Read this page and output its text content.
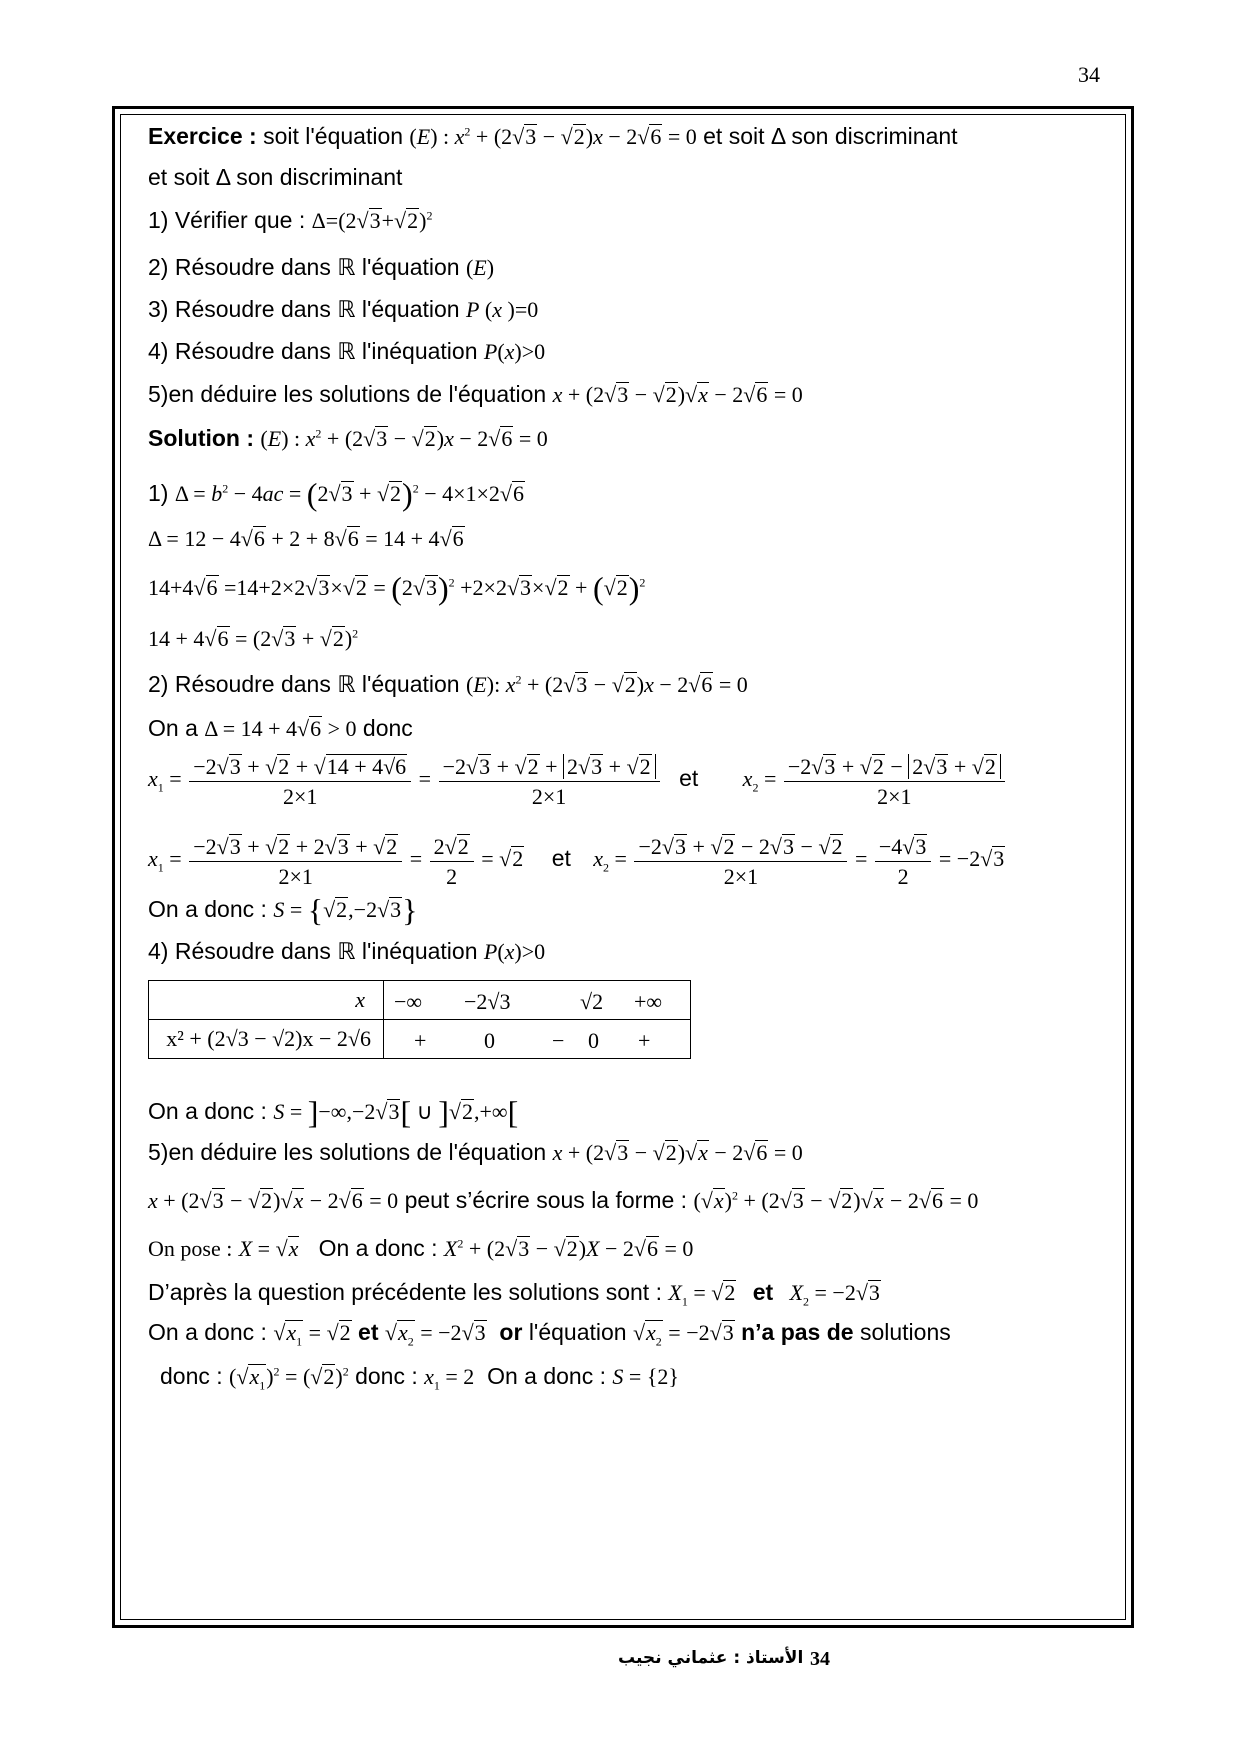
34
Exercice : soit l'équation (E) : $x^2 + (2√3 - √2)x - 2√6 = 0$ et soit Δ son discriminant
et soit Δ son discriminant
1) Vérifier que : $\Delta=(2√3+√2)^2$
2) Résoudre dans ℝ l'équation (E)
3) Résoudre dans ℝ l'équation P (x )=0
4) Résoudre dans ℝ l'inéquation P(x)>0
5)en déduire les solutions de l'équation x + (2√3 − √2)√x − 2√6 = 0
Solution : (E) : $x^2 + (2√3 - √2)x - 2√6 = 0$
1) $\Delta = b^2 - 4ac = (2√3 + √2)^2 - 4\times 1\times 2√6$
Δ = 12 − 4√6 + 2 + 8√6 = 14 + 4√6
$14+4√6 =14+2\times 2√3\times√2 = (2√3)^2 +2\times 2√3\times√2 + (√2)^2$
$14 + 4√6 = (2√3 + √2)^2$
2) Résoudre dans ℝ l'équation (E): $x^2 + (2√3 - √2)x - 2√6 = 0$
On a Δ = 14 + 4√6 > 0 donc
$x_1 = \frac{-2√3 + √2 + √14 + 4√6}{2\times 1} = \frac{-2√3 + √2 + 2√3 + √2}{2\times 1}$ et $x_2 = \frac{-2√3 + √2 - 2√3 + √2}{2\times 1}$
$x_1 = \frac{-2√3 + √2 + 2√3 + √2}{2\times 1} = \frac{2√2}{2} = √2$ et $x_2 = \frac{-2√3 + √2 - 2√3 - √2}{2\times 1} = \frac{-4√3}{2} = -2√3$
On a donc : S = {√2,−2√3}
4) Résoudre dans ℝ l'inéquation P(x)>0
x	−∞ −2√3 √2 +∞

x² + (2√3 − √2)x − 2√6	+ 0 − 0 +
On a donc : S = ]−∞,−2√3[ ∪ ]√2,+∞[
5)en déduire les solutions de l'équation x + (2√3 − √2)√x − 2√6 = 0
x + (2√3 − √2)√x − 2√6 = 0 peut s’écrire sous la forme : $(√x)^2 + (2√3 - √2)√x - 2√6 = 0$
On pose : X = √x On a donc : $X^2 + (2√3 - √2)X - 2√6 = 0$
D’après la question précédente les solutions sont : $X_1 = √2$ et $X_2 = -2√3$
On a donc : $√x_1 = √2$ et $√x_2 = -2√3$ or l'équation $√x_2 = -2√3$ n’a pas de solutions
donc : $(√x_1)^2 = (√2)^2$ donc : $x_1 = 2$ On a donc : S = {2}
الأستاذ : عثماني نجيب 34
